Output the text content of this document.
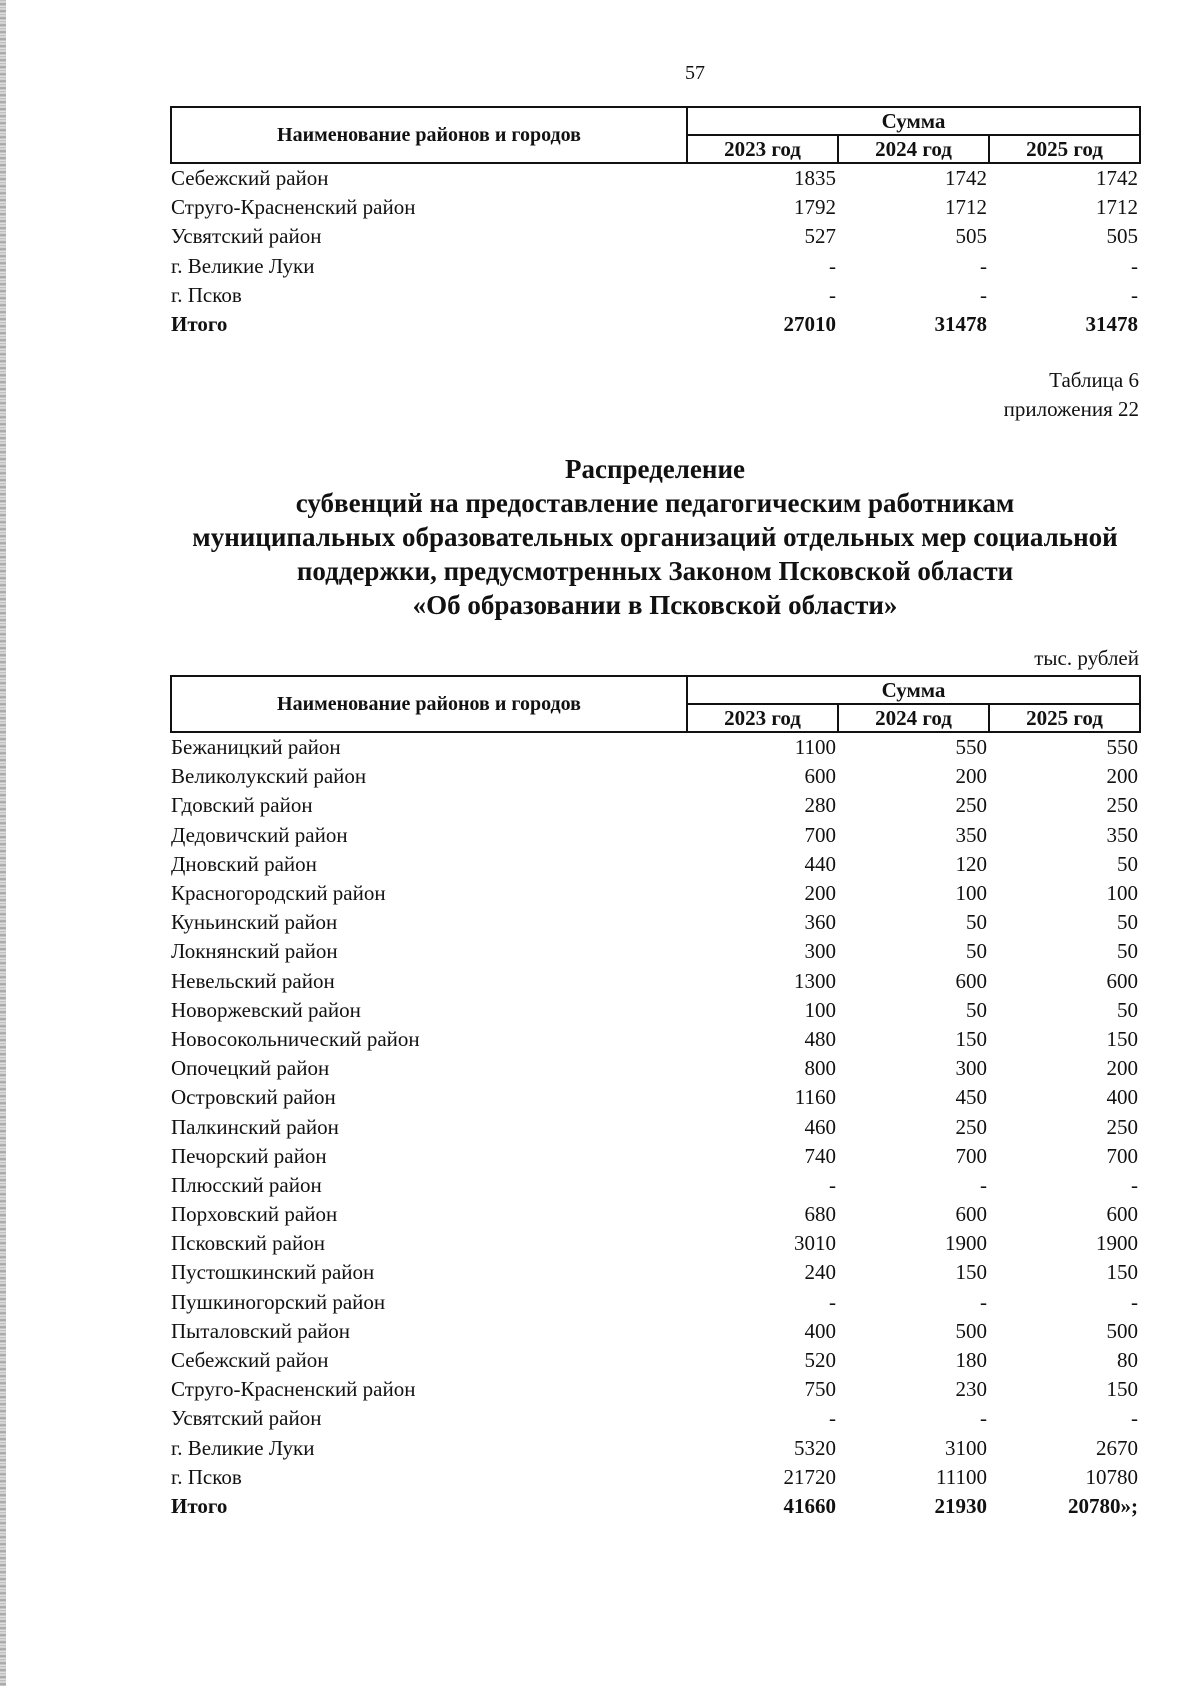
57
Наименование районов и городов	Сумма		
	2023 год	2024 год	2025 год
Себежский район	1835	1742	1742
Струго-Красненский район	1792	1712	1712
Усвятский район	527	505	505
г. Великие Луки	-	-	-
г. Псков	-	-	-
Итого	27010	31478	31478
Таблица 6
приложения 22
Распределение
субвенций на предоставление педагогическим работникам
муниципальных образовательных организаций отдельных мер социальной
поддержки, предусмотренных Законом Псковской области
«Об образовании в Псковской области»
тыс. рублей
Наименование районов и городов	Сумма		
	2023 год	2024 год	2025 год
Бежаницкий район	1100	550	550
Великолукский район	600	200	200
Гдовский район	280	250	250
Дедовичский район	700	350	350
Дновский район	440	120	50
Красногородский район	200	100	100
Куньинский район	360	50	50
Локнянский район	300	50	50
Невельский район	1300	600	600
Новоржевский район	100	50	50
Новосокольнический район	480	150	150
Опочецкий район	800	300	200
Островский район	1160	450	400
Палкинский район	460	250	250
Печорский район	740	700	700
Плюсский район	-	-	-
Порховский район	680	600	600
Псковский район	3010	1900	1900
Пустошкинский район	240	150	150
Пушкиногорский район	-	-	-
Пыталовский район	400	500	500
Себежский район	520	180	80
Струго-Красненский район	750	230	150
Усвятский район	-	-	-
г. Великие Луки	5320	3100	2670
г. Псков	21720	11100	10780
Итого	41660	21930	20780»;
